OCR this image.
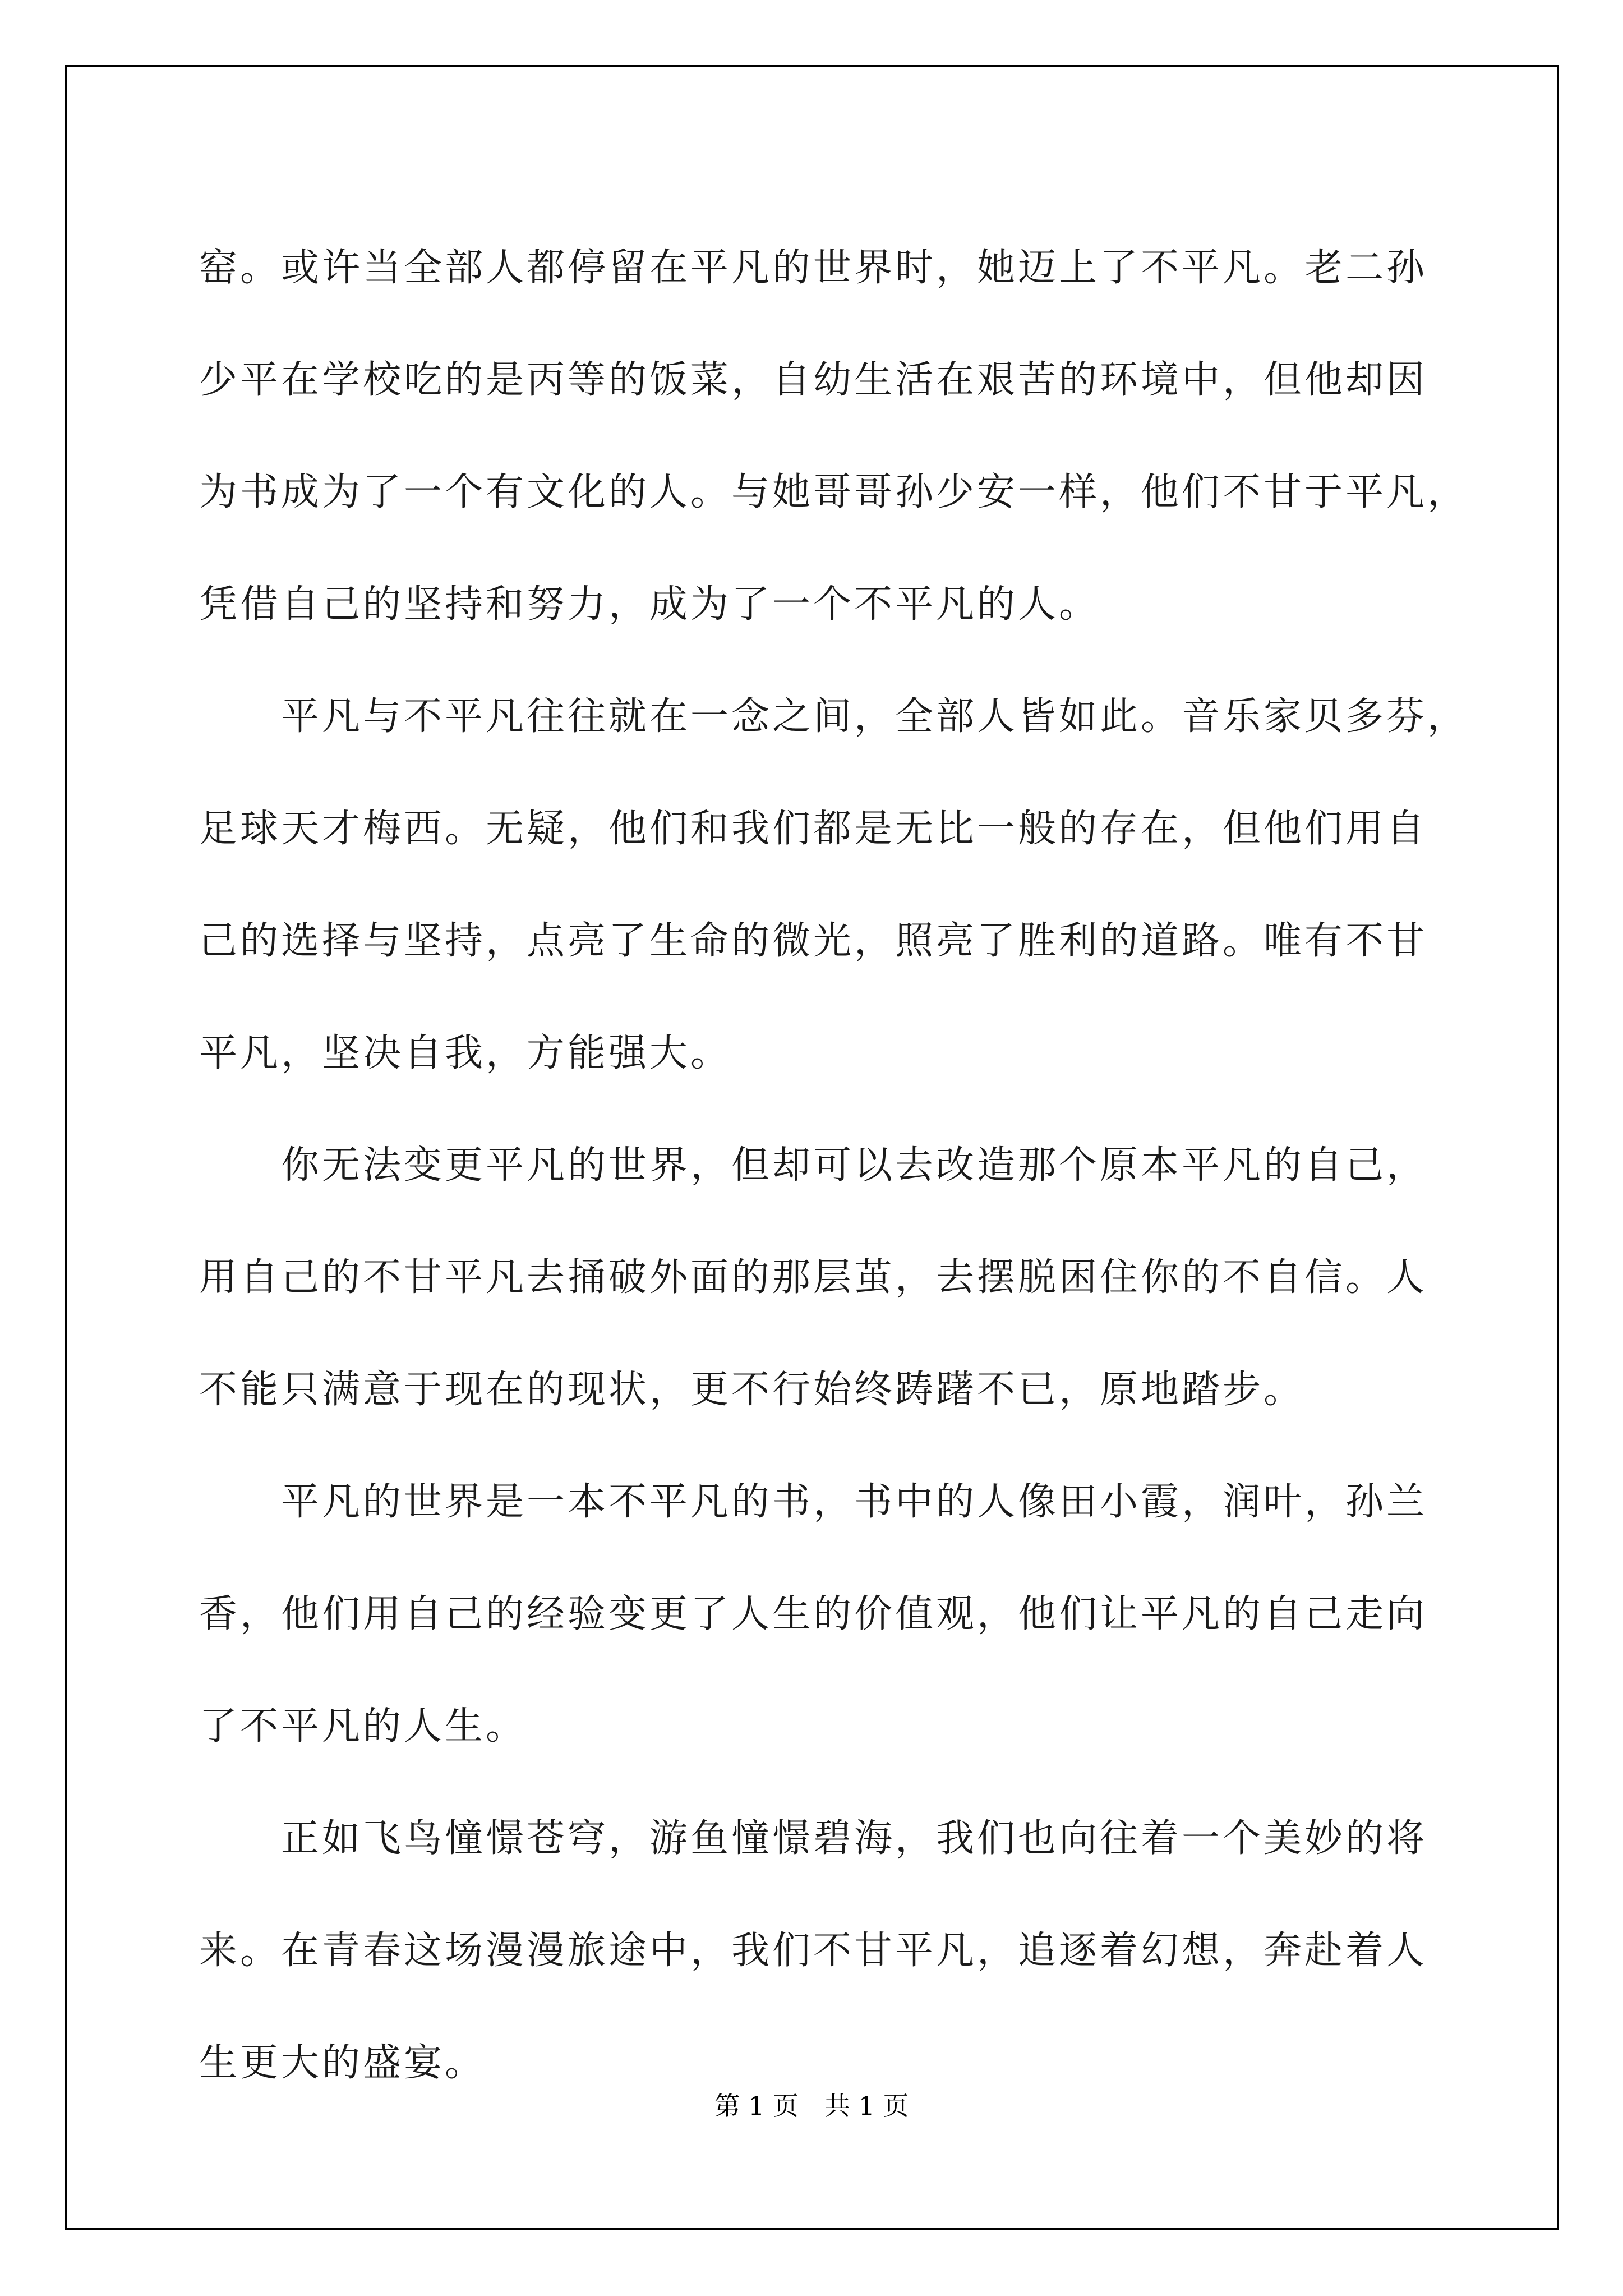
窑。或许当全部人都停留在平凡的世界时，她迈上了不平凡。老二孙
少平在学校吃的是丙等的饭菜，自幼生活在艰苦的环境中，但他却因
为书成为了一个有文化的人。与她哥哥孙少安一样，他们不甘于平凡，
凭借自己的坚持和努力，成为了一个不平凡的人。
　　平凡与不平凡往往就在一念之间，全部人皆如此。音乐家贝多芬，
足球天才梅西。无疑，他们和我们都是无比一般的存在，但他们用自
己的选择与坚持，点亮了生命的微光，照亮了胜利的道路。唯有不甘
平凡，坚决自我，方能强大。
　　你无法变更平凡的世界，但却可以去改造那个原本平凡的自己，
用自己的不甘平凡去捅破外面的那层茧，去摆脱困住你的不自信。人
不能只满意于现在的现状，更不行始终踌躇不已，原地踏步。
　　平凡的世界是一本不平凡的书，书中的人像田小霞，润叶，孙兰
香，他们用自己的经验变更了人生的价值观，他们让平凡的自己走向
了不平凡的人生。
　　正如飞鸟憧憬苍穹，游鱼憧憬碧海，我们也向往着一个美妙的将
来。在青春这场漫漫旅途中，我们不甘平凡，追逐着幻想，奔赴着人
生更大的盛宴。
第 1 页　共 1 页
